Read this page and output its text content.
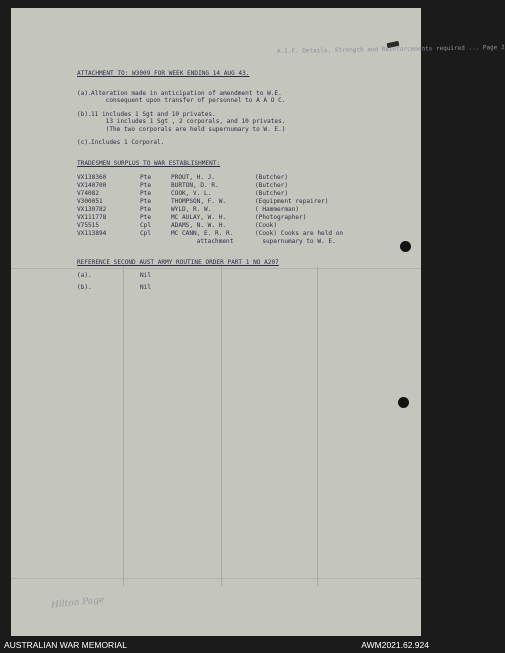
A.I.F. Details, Strength and Reinforcements required ... Page 2
ATTACHMENT TO: W3009 FOR WEEK ENDING 14 AUG 43.
(a). Alteration made in anticipation of amendment to W.E.
consequent upon transfer of personnel to A A O C.
(b). 11 includes 1 Sgt and 10 privates.
13 includes 1 Sgt , 2 corporals, and 10 privates.
(The two corporals are held supernumary to W. E.)
(c). Includes 1 Corporal.
TRADESMEN SURPLUS TO WAR ESTABLISHMENT:
VX138360	Pte	PROUT, H. J.	(Butcher)
VX140700	Pte	BURTON, D. R.	(Butcher)
V74082	Pte	COOK, V. L.	(Butcher)
V300051	Pte	THOMPSON, F. W.	(Equipment repairer)
VX130782	Pte	WYLD, R. W.	( Hammerman)
VX111778	Pte	MC AULAY, W. H.	(Photographer)
V75515	Cpl	ADAMS, N. W. H.	(Cook)
VX113894	Cpl	MC CANN, E. R. R.	(Cook) Cooks are held on
attachment	supernumary to W. E.
REFERENCE SECOND AUST ARMY ROUTINE ORDER PART 1 NO A207
(a).	Nil
(b).	Nil
Hilton Page
AUSTRALIAN WAR MEMORIAL	AWM2021.62.924
